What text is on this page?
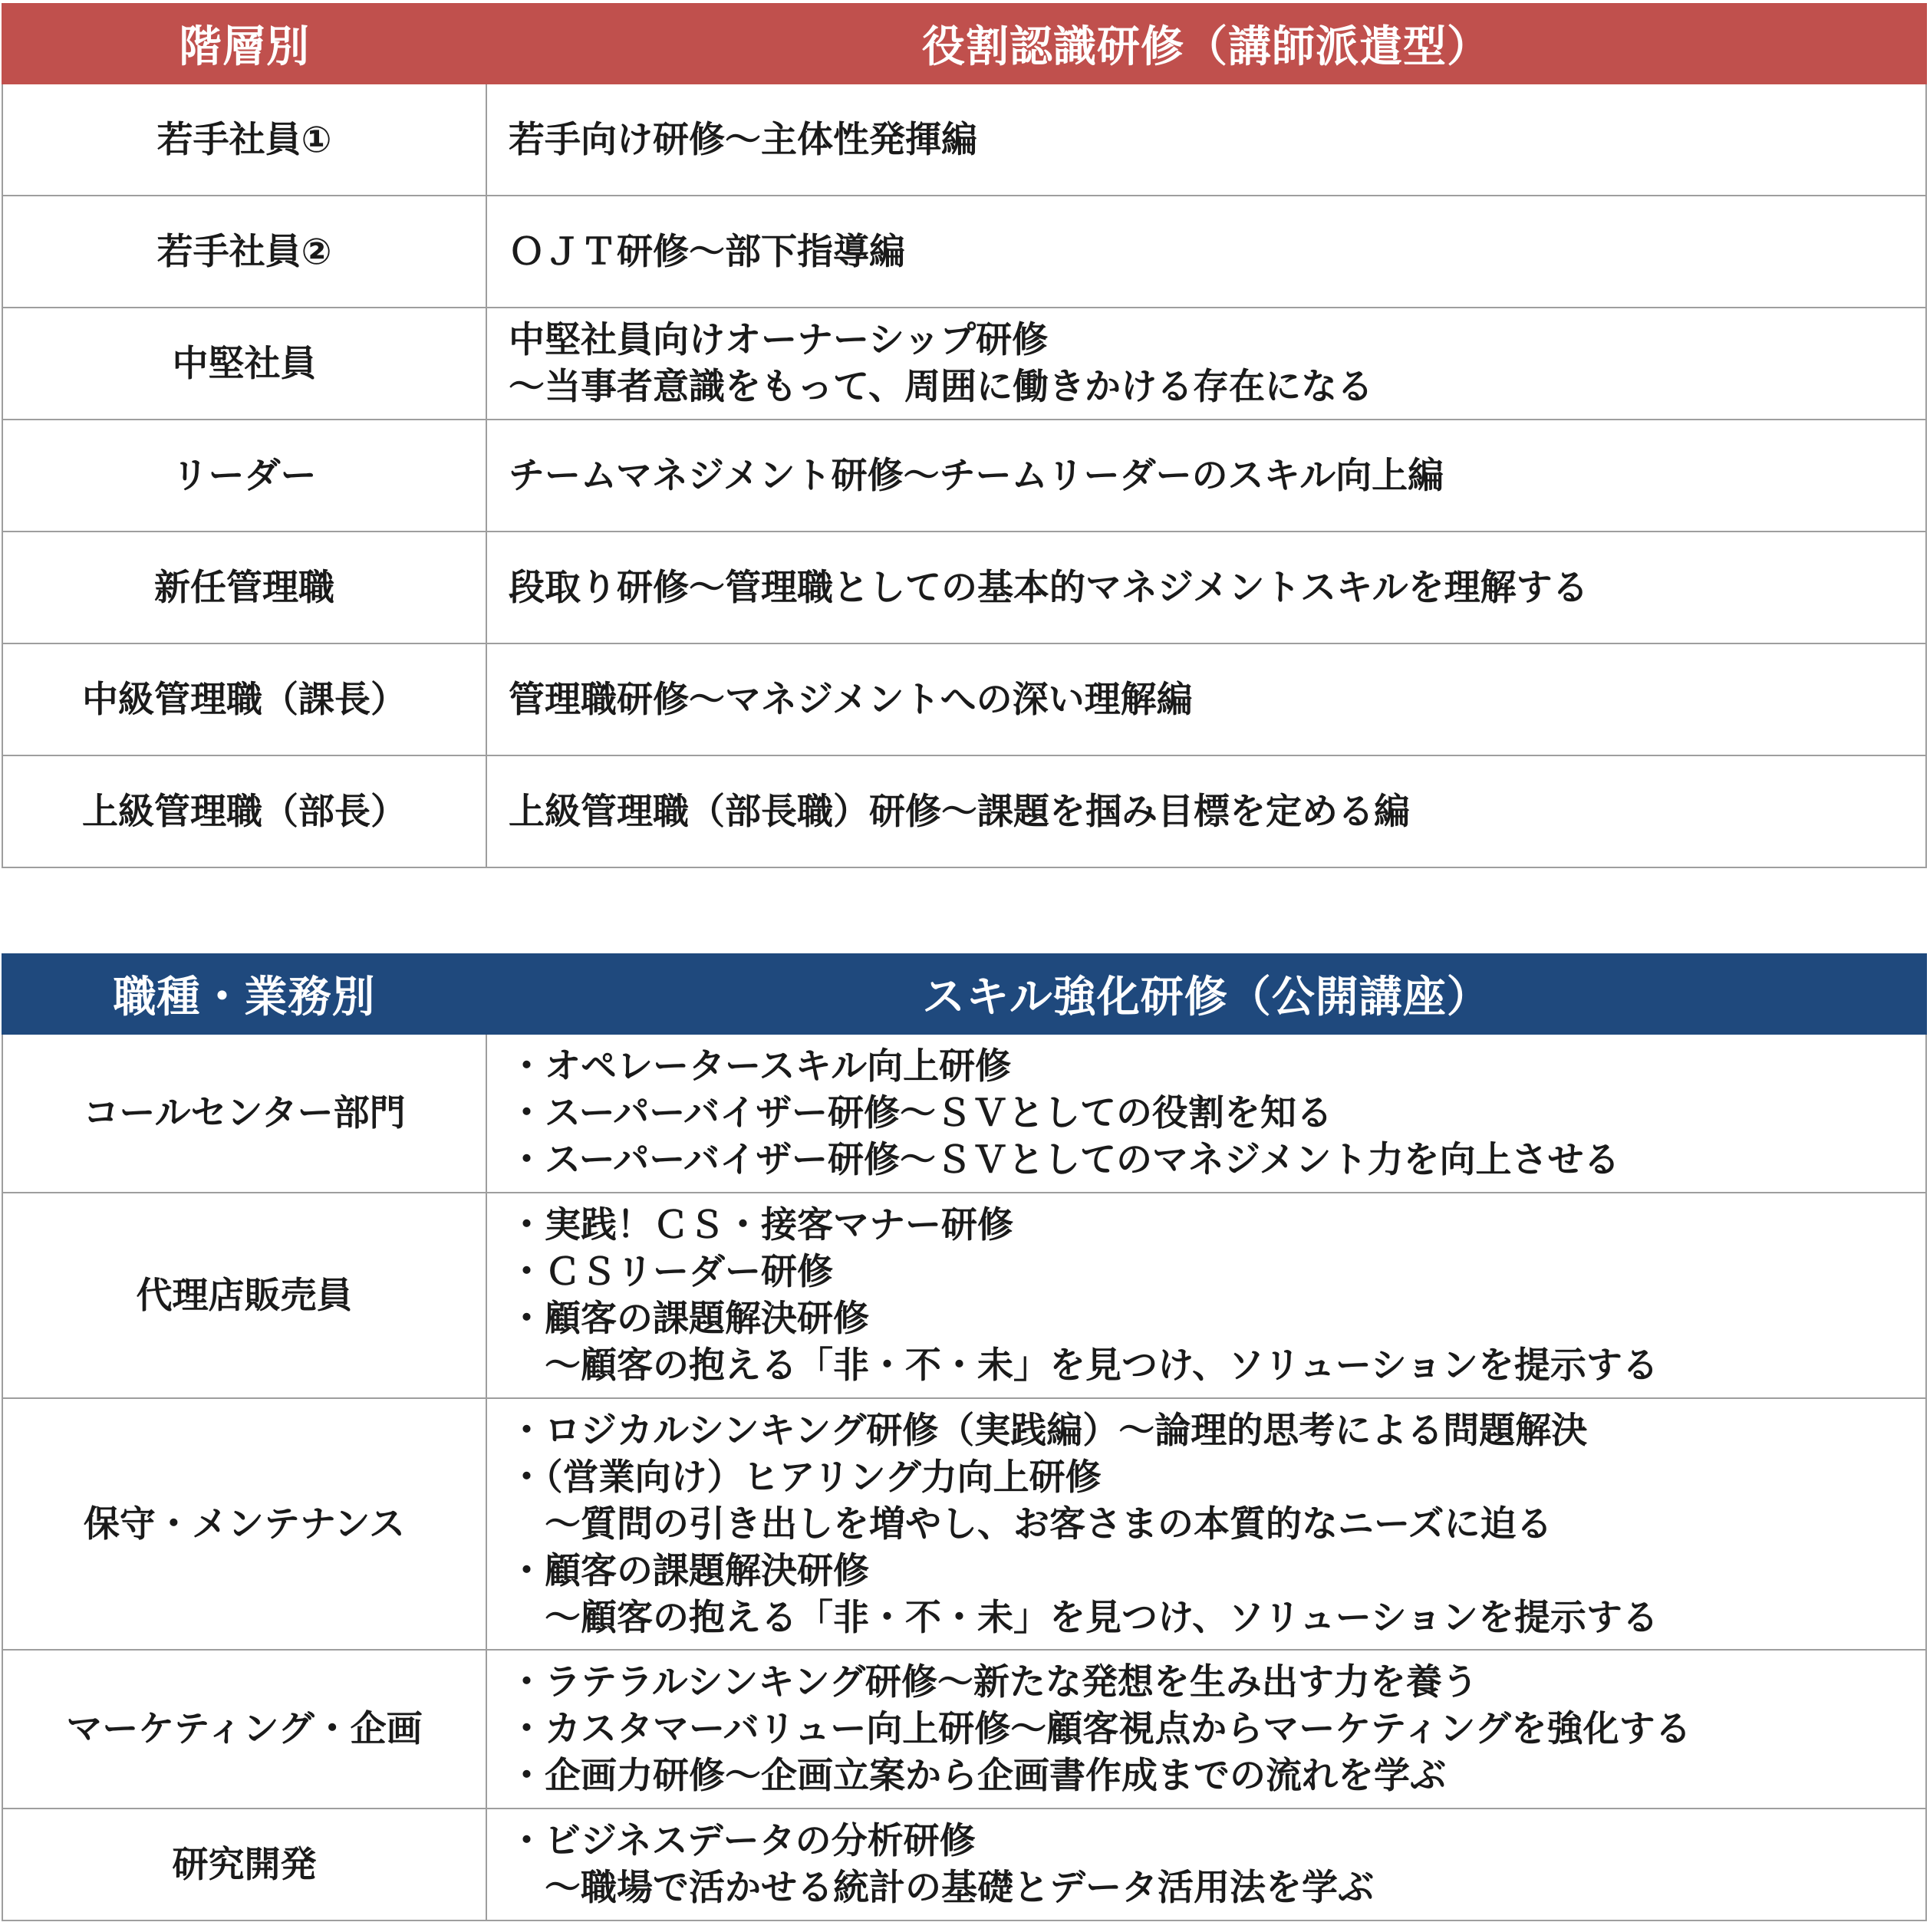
階層別	役割認識研修（講師派遣型）
若手社員①	若手向け研修～主体性発揮編

若手社員②	ＯＪＴ研修～部下指導編

中堅社員	中堅社員向けオーナーシップ研修
～当事者意識をもって、周囲に働きかける存在になる

リーダー	チームマネジメント研修～チームリーダーのスキル向上編

新任管理職	段取り研修～管理職としての基本的マネジメントスキルを理解する

中級管理職（課長）	管理職研修～マネジメントへの深い理解編

上級管理職（部長）	上級管理職（部長職）研修～課題を掴み目標を定める編
職種・業務別	スキル強化研修（公開講座）
コールセンター部門	・オペレータースキル向上研修
・スーパーバイザー研修～ＳＶとしての役割を知る
・スーパーバイザー研修～ＳＶとしてのマネジメント力を向上させる

代理店販売員	・実践！ＣＳ・接客マナー研修
・ＣＳリーダー研修
・顧客の課題解決研修
　～顧客の抱える「非・不・未」を見つけ、ソリューションを提示する

保守・メンテナンス	・ロジカルシンキング研修（実践編）～論理的思考による問題解決
・（営業向け）ヒアリング力向上研修
　～質問の引き出しを増やし、お客さまの本質的なニーズに迫る
・顧客の課題解決研修
　～顧客の抱える「非・不・未」を見つけ、ソリューションを提示する

マーケティング・企画	・ラテラルシンキング研修～新たな発想を生み出す力を養う
・カスタマーバリュー向上研修～顧客視点からマーケティングを強化する
・企画力研修～企画立案から企画書作成までの流れを学ぶ

研究開発	・ビジネスデータの分析研修
　～職場で活かせる統計の基礎とデータ活用法を学ぶ
